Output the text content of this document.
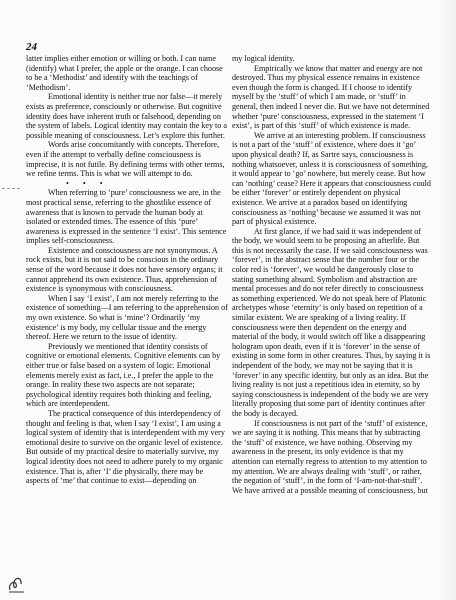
24

latter implies either emotion or willing or both. I can name (identify) what I prefer, the apple or the orange. I can choose to be a ‘Methodist’ and identify with the teachings of ‘Methodism’.

Emotional identity is neither true nor false—it merely exists as preference, consciously or otherwise. But cognitive identity does have inherent truth or falsehood, depending on the system of labels. Logical identity may contain the key to a possible meaning of consciousness. Let’s explore this further.

Words arise concomitantly with concepts. Therefore, even if the attempt to verbally define consciousness is imprecise, it is not futile. By defining terms with other terms, we refine terms. This is what we will attempt to do.

• • •

When referring to ‘pure’ consciousness we are, in the most practical sense, referring to the ghostlike essence of awareness that is known to pervade the human body at isolated or extended times. The essence of this ‘pure’ awareness is expressed in the sentence ‘I exist’. This sentence implies self-consciousness.

Existence and consciousness are not synonymous. A rock exists, but it is not said to be conscious in the ordinary sense of the word because it does not have sensory organs; it cannot apprehend its own existence. Thus, apprehension of existence is synonymous with consciousness.

When I say ‘I exist’, I am not merely referring to the existence of something—I am referring to the apprehension of my own existence. So what is ‘mine’? Ordinarily ‘my existence’ is my body, my cellular tissue and the energy thereof. Here we return to the issue of identity.

Previously we mentioned that identity consists of cognitive or emotional elements. Cognitive elements can by either true or false based on a system of logic. Emotional elements merely exist as fact, i.e., I prefer the apple to the orange. In reality these two aspects are not separate; psychological identity requires both thinking and feeling, which are interdependent.

The practical consequence of this interdependency of thought and feeling is that, when I say ‘I exist’, I am using a logical system of identity that is interdependent with my very emotional desire to survive on the organic level of existence. But outside of my practical desire to materially survive, my logical identity does not need to adhere purely to my organic existence. That is, after ‘I’ die physically, there may be aspects of ‘me’ that continue to exist—depending on

my logical identity.

Empirically we know that matter and energy are not destroyed. Thus my physical essence remains in existence even though the form is changed. If I choose to identify myself by the ‘stuff’ of which I am made, or ‘stuff’ in general, then indeed I never die. But we have not determined whether ‘pure’ consciousness, expressed in the statement ‘I exist’, is part of this ‘stuff’ of which existence is made.

We arrive at an interesting problem. If consciousness is not a part of the ‘stuff’ of existence, where does it ‘go’ upon physical death? If, as Sartre says, consciousness is nothing whatsoever, unless it is consciousness of something, it would appear to ‘go’ nowhere, but merely cease. But how can ‘nothing’ cease? Here it appears that consciousness could be either ‘forever’ or entirely dependent on physical existence. We arrive at a paradox based on identifying consciousness as ‘nothing’ because we assumed it was not part of physical existence.

At first glance, if we had said it was independent of the body, we would seem to be proposing an afterlife. But this is not necessarily the case. If we said consciousness was ‘forever’, in the abstract sense that the number four or the color red is ‘forever’, we would be dangerously close to stating something absurd. Symbolism and abstraction are mental processes and do not refer directly to consciousness as something experienced. We do not speak here of Platonic archetypes whose ‘eternity’ is only based on repetition of a similar existent. We are speaking of a living reality. If consciousness were then dependent on the energy and material of the body, it would switch off like a disappearing hologram upon death, even if it is ‘forever’ in the sense of existing in some form in other creatures. Thus, by saying it is independent of the body, we may not be saying that it is ‘forever’ in any specific identity, but only as an idea. But the living reality is not just a repetitious idea in eternity, so by saying consciousness is independent of the body we are very literally proposing that some part of identity continues after the body is decayed.

If consciousness is not part of the ‘stuff’ of existence, we are saying it is nothing. This means that by subtracting the ‘stuff’ of existence, we have nothing. Observing my awareness in the present, its only evidence is that my attention can eternally regress to attention to my attention to my attention. We are always dealing with ‘stuff’, or rather, the negation of ‘stuff’, in the form of ‘I-am-not-that-stuff’. We have arrived at a possible meaning of consciousness, but
